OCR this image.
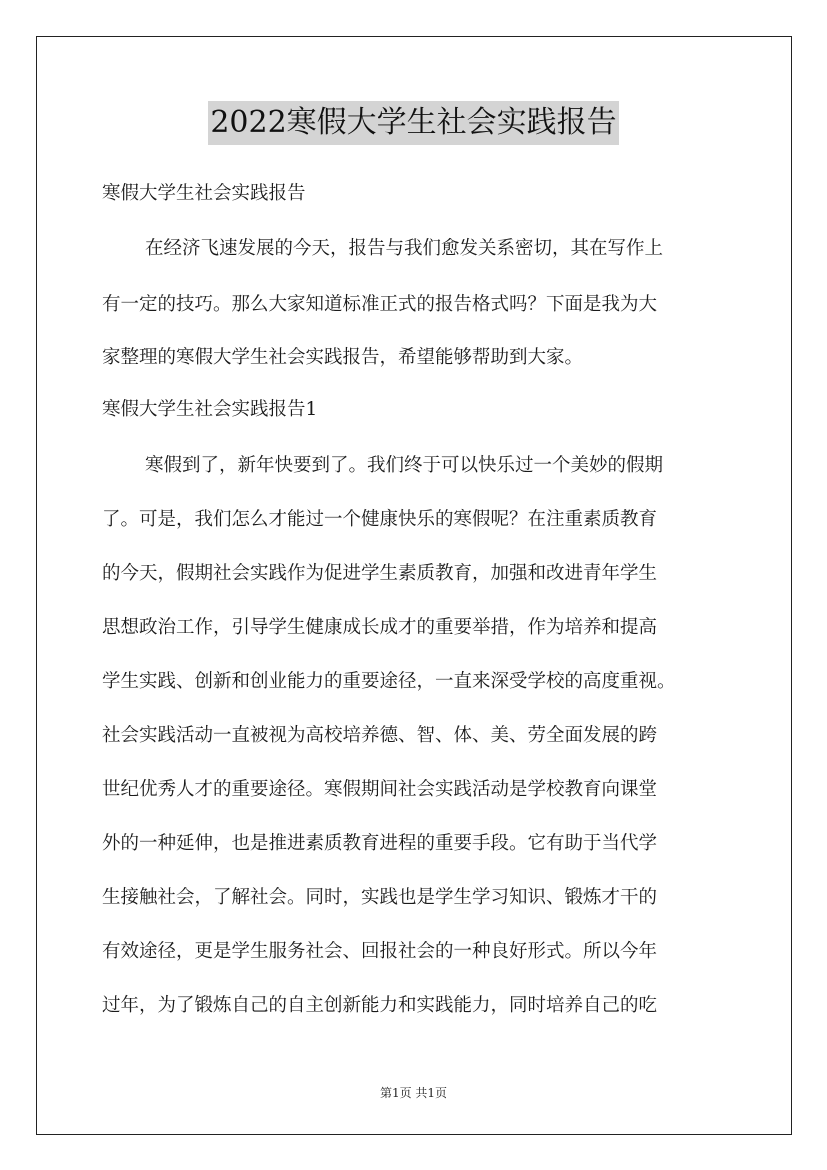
2022寒假大学生社会实践报告
寒假大学生社会实践报告
在经济飞速发展的今天，报告与我们愈发关系密切，其在写作上
有一定的技巧。那么大家知道标准正式的报告格式吗？下面是我为大
家整理的寒假大学生社会实践报告，希望能够帮助到大家。
寒假大学生社会实践报告1
寒假到了，新年快要到了。我们终于可以快乐过一个美妙的假期
了。可是，我们怎么才能过一个健康快乐的寒假呢？在注重素质教育
的今天，假期社会实践作为促进学生素质教育，加强和改进青年学生
思想政治工作，引导学生健康成长成才的重要举措，作为培养和提高
学生实践、创新和创业能力的重要途径，一直来深受学校的高度重视。
社会实践活动一直被视为高校培养德、智、体、美、劳全面发展的跨
世纪优秀人才的重要途径。寒假期间社会实践活动是学校教育向课堂
外的一种延伸，也是推进素质教育进程的重要手段。它有助于当代学
生接触社会，了解社会。同时，实践也是学生学习知识、锻炼才干的
有效途径，更是学生服务社会、回报社会的一种良好形式。所以今年
过年，为了锻炼自己的自主创新能力和实践能力，同时培养自己的吃
第1页 共1页
